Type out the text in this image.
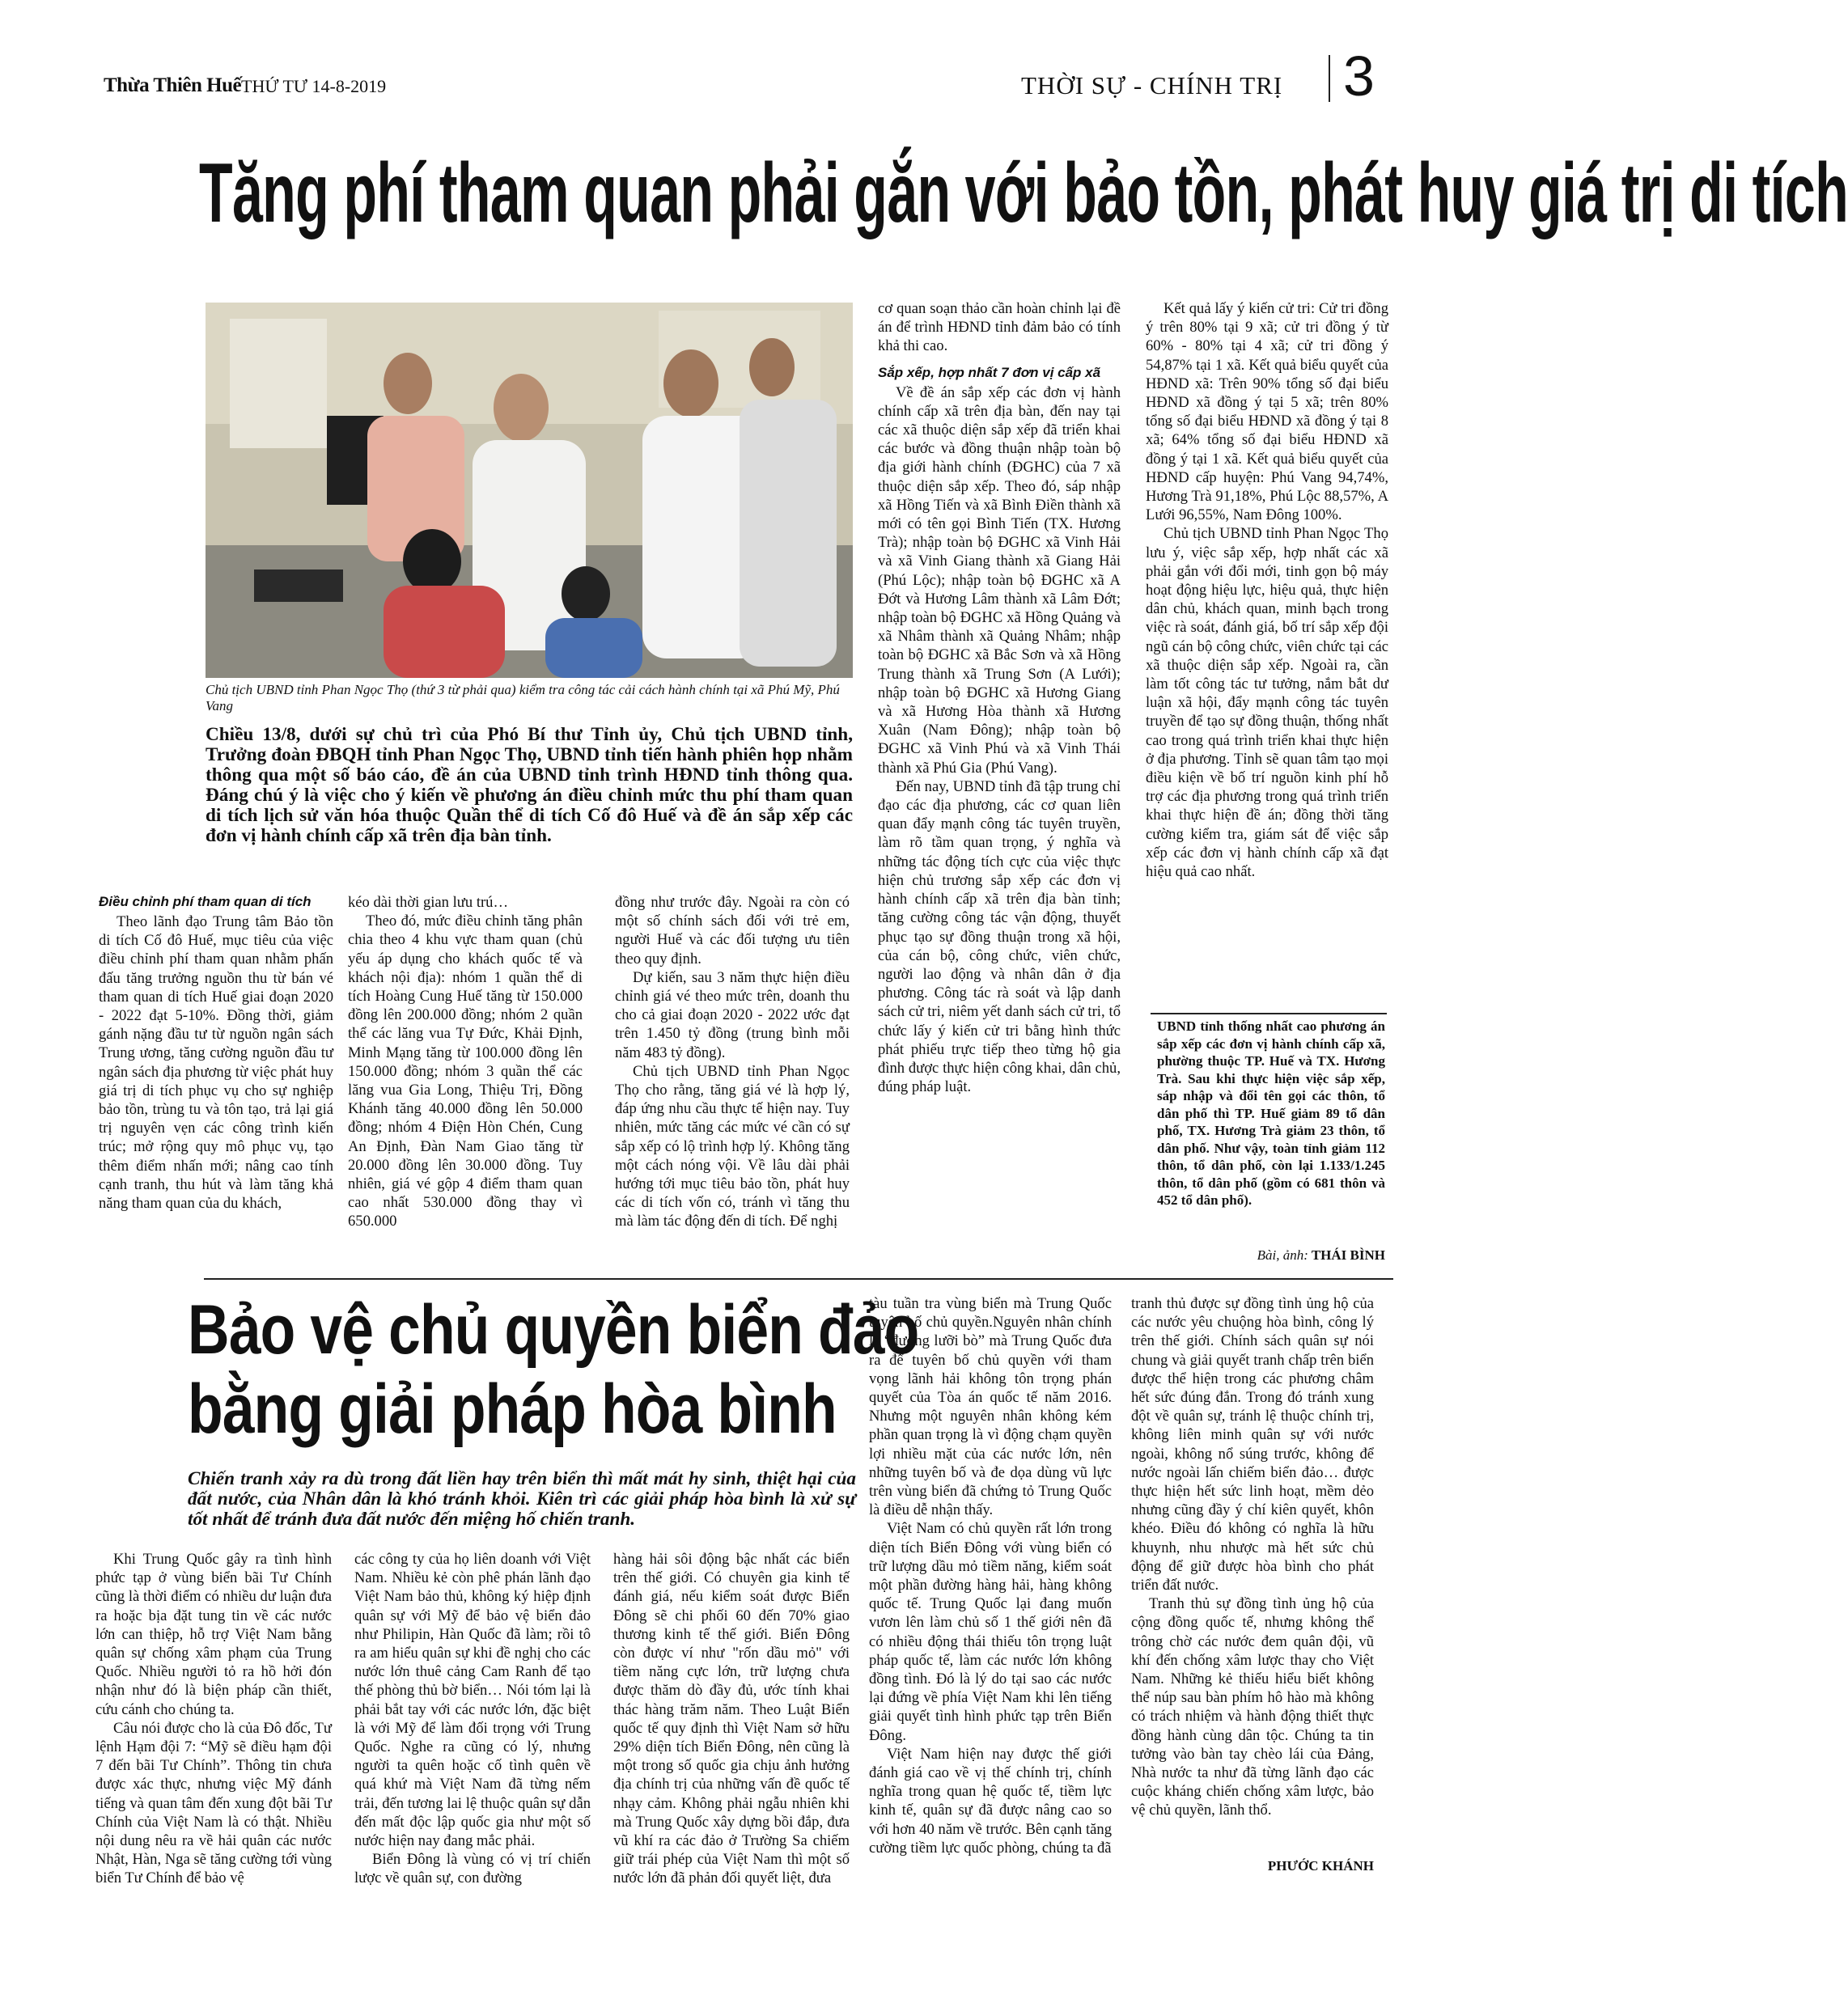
Thừa Thiên Huế THỨ TƯ 14-8-2019	THỜI SỰ - CHÍNH TRỊ 3
Tăng phí tham quan phải gắn với bảo tồn, phát huy giá trị di tích
Chủ tịch UBND tỉnh Phan Ngọc Thọ (thứ 3 từ phải qua) kiểm tra công tác cải cách hành chính tại xã Phú Mỹ, Phú Vang
Chiều 13/8, dưới sự chủ trì của Phó Bí thư Tỉnh ủy, Chủ tịch UBND tỉnh, Trưởng đoàn ĐBQH tỉnh Phan Ngọc Thọ, UBND tỉnh tiến hành phiên họp nhằm thông qua một số báo cáo, đề án của UBND tỉnh trình HĐND tỉnh thông qua. Đáng chú ý là việc cho ý kiến về phương án điều chỉnh mức thu phí tham quan di tích lịch sử văn hóa thuộc Quần thể di tích Cố đô Huế và đề án sắp xếp các đơn vị hành chính cấp xã trên địa bàn tỉnh.
Điều chỉnh phí tham quan di tích

Theo lãnh đạo Trung tâm Bảo tồn di tích Cố đô Huế, mục tiêu của việc điều chỉnh phí tham quan nhằm phấn đấu tăng trưởng nguồn thu từ bán vé tham quan di tích Huế giai đoạn 2020 - 2022 đạt 5-10%. Đồng thời, giảm gánh nặng đầu tư từ nguồn ngân sách Trung ương, tăng cường nguồn đầu tư ngân sách địa phương từ việc phát huy giá trị di tích phục vụ cho sự nghiệp bảo tồn, trùng tu và tôn tạo, trả lại giá trị nguyên vẹn các công trình kiến trúc; mở rộng quy mô phục vụ, tạo thêm điểm nhấn mới; nâng cao tính cạnh tranh, thu hút và làm tăng khả năng tham quan của du khách,

kéo dài thời gian lưu trú…

Theo đó, mức điều chỉnh tăng phân chia theo 4 khu vực tham quan (chủ yếu áp dụng cho khách quốc tế và khách nội địa): nhóm 1 quần thể di tích Hoàng Cung Huế tăng từ 150.000 đồng lên 200.000 đồng; nhóm 2 quần thể các lăng vua Tự Đức, Khải Định, Minh Mạng tăng từ 100.000 đồng lên 150.000 đồng; nhóm 3 quần thể các lăng vua Gia Long, Thiệu Trị, Đồng Khánh tăng 40.000 đồng lên 50.000 đồng; nhóm 4 Điện Hòn Chén, Cung An Định, Đàn Nam Giao tăng từ 20.000 đồng lên 30.000 đồng. Tuy nhiên, giá vé gộp 4 điểm tham quan cao nhất 530.000 đồng thay vì 650.000

đồng như trước đây. Ngoài ra còn có một số chính sách đối với trẻ em, người Huế và các đối tượng ưu tiên theo quy định.

Dự kiến, sau 3 năm thực hiện điều chỉnh giá vé theo mức trên, doanh thu cho cả giai đoạn 2020 - 2022 ước đạt trên 1.450 tỷ đồng (trung bình mỗi năm 483 tỷ đồng).

Chủ tịch UBND tỉnh Phan Ngọc Thọ cho rằng, tăng giá vé là hợp lý, đáp ứng nhu cầu thực tế hiện nay. Tuy nhiên, mức tăng các mức vé cần có sự sắp xếp có lộ trình hợp lý. Không tăng một cách nóng vội. Về lâu dài phải hướng tới mục tiêu bảo tồn, phát huy các di tích vốn có, tránh vì tăng thu mà làm tác động đến di tích. Để nghị

cơ quan soạn thảo cần hoàn chỉnh lại đề án để trình HĐND tỉnh đảm bảo có tính khả thi cao.

Sắp xếp, hợp nhất 7 đơn vị cấp xã

Về đề án sắp xếp các đơn vị hành chính cấp xã trên địa bàn, đến nay tại các xã thuộc diện sắp xếp đã triển khai các bước và đồng thuận nhập toàn bộ địa giới hành chính (ĐGHC) của 7 xã thuộc diện sắp xếp. Theo đó, sáp nhập xã Hồng Tiến và xã Bình Điền thành xã mới có tên gọi Bình Tiến (TX. Hương Trà); nhập toàn bộ ĐGHC xã Vinh Hải và xã Vinh Giang thành xã Giang Hải (Phú Lộc); nhập toàn bộ ĐGHC xã A Đớt và Hương Lâm thành xã Lâm Đớt; nhập toàn bộ ĐGHC xã Hồng Quảng và xã Nhâm thành xã Quảng Nhâm; nhập toàn bộ ĐGHC xã Bắc Sơn và xã Hồng Trung thành xã Trung Sơn (A Lưới); nhập toàn bộ ĐGHC xã Hương Giang và xã Hương Hòa thành xã Hương Xuân (Nam Đông); nhập toàn bộ ĐGHC xã Vinh Phú và xã Vinh Thái thành xã Phú Gia (Phú Vang).

Đến nay, UBND tỉnh đã tập trung chỉ đạo các địa phương, các cơ quan liên quan đẩy mạnh công tác tuyên truyền, làm rõ tầm quan trọng, ý nghĩa và những tác động tích cực của việc thực hiện chủ trương sắp xếp các đơn vị hành chính cấp xã trên địa bàn tỉnh; tăng cường công tác vận động, thuyết phục tạo sự đồng thuận trong xã hội, của cán bộ, công chức, viên chức, người lao động và nhân dân ở địa phương. Công tác rà soát và lập danh sách cử tri, niêm yết danh sách cử tri, tổ chức lấy ý kiến cử tri bằng hình thức phát phiếu trực tiếp theo từng hộ gia đình được thực hiện công khai, dân chủ, đúng pháp luật.

Kết quả lấy ý kiến cử tri: Cử tri đồng ý trên 80% tại 9 xã; cử tri đồng ý từ 60% - 80% tại 4 xã; cử tri đồng ý 54,87% tại 1 xã. Kết quả biểu quyết của HĐND xã: Trên 90% tổng số đại biểu HĐND xã đồng ý tại 5 xã; trên 80% tổng số đại biểu HĐND xã đồng ý tại 8 xã; 64% tổng số đại biểu HĐND xã đồng ý tại 1 xã. Kết quả biểu quyết của HĐND cấp huyện: Phú Vang 94,74%, Hương Trà 91,18%, Phú Lộc 88,57%, A Lưới 96,55%, Nam Đông 100%.

Chủ tịch UBND tỉnh Phan Ngọc Thọ lưu ý, việc sắp xếp, hợp nhất các xã phải gắn với đổi mới, tinh gọn bộ máy hoạt động hiệu lực, hiệu quả, thực hiện dân chủ, khách quan, minh bạch trong việc rà soát, đánh giá, bố trí sắp xếp đội ngũ cán bộ công chức, viên chức tại các xã thuộc diện sắp xếp. Ngoài ra, cần làm tốt công tác tư tưởng, nắm bắt dư luận xã hội, đẩy mạnh công tác tuyên truyền để tạo sự đồng thuận, thống nhất cao trong quá trình triển khai thực hiện ở địa phương. Tỉnh sẽ quan tâm tạo mọi điều kiện về bố trí nguồn kinh phí hỗ trợ các địa phương trong quá trình triển khai thực hiện đề án; đồng thời tăng cường kiểm tra, giám sát để việc sắp xếp các đơn vị hành chính cấp xã đạt hiệu quả cao nhất.

UBND tỉnh thống nhất cao phương án sắp xếp các đơn vị hành chính cấp xã, phường thuộc TP. Huế và TX. Hương Trà. Sau khi thực hiện việc sắp xếp, sáp nhập và đổi tên gọi các thôn, tổ dân phố thì TP. Huế giảm 89 tổ dân phố, TX. Hương Trà giảm 23 thôn, tổ dân phố. Như vậy, toàn tỉnh giảm 112 thôn, tổ dân phố, còn lại 1.133/1.245 thôn, tổ dân phố (gồm có 681 thôn và 452 tổ dân phố).
Bài, ảnh: THÁI BÌNH
Bảo vệ chủ quyền biển đảo
bằng giải pháp hòa bình
Chiến tranh xảy ra dù trong đất liền hay trên biển thì mất mát hy sinh, thiệt hại của đất nước, của Nhân dân là khó tránh khỏi. Kiên trì các giải pháp hòa bình là xử sự tốt nhất để tránh đưa đất nước đến miệng hố chiến tranh.

Khi Trung Quốc gây ra tình hình phức tạp ở vùng biển bãi Tư Chính cũng là thời điểm có nhiều dư luận đưa ra hoặc bịa đặt tung tin về các nước lớn can thiệp, hỗ trợ Việt Nam bằng quân sự chống xâm phạm của Trung Quốc. Nhiều người tỏ ra hồ hởi đón nhận như đó là biện pháp cần thiết, cứu cánh cho chúng ta.

Câu nói được cho là của Đô đốc, Tư lệnh Hạm đội 7: “Mỹ sẽ điều hạm đội 7 đến bãi Tư Chính”. Thông tin chưa được xác thực, nhưng việc Mỹ đánh tiếng và quan tâm đến xung đột bãi Tư Chính của Việt Nam là có thật. Nhiều nội dung nêu ra về hải quân các nước Nhật, Hàn, Nga sẽ tăng cường tới vùng biển Tư Chính để bảo vệ

các công ty của họ liên doanh với Việt Nam. Nhiều kẻ còn phê phán lãnh đạo Việt Nam bảo thủ, không ký hiệp định quân sự với Mỹ để bảo vệ biển đảo như Philipin, Hàn Quốc đã làm; rồi tô ra am hiểu quân sự khi đề nghị cho các nước lớn thuê cảng Cam Ranh để tạo thế phòng thủ bờ biển… Nói tóm lại là phải bắt tay với các nước lớn, đặc biệt là với Mỹ để làm đối trọng với Trung Quốc. Nghe ra cũng có lý, nhưng người ta quên hoặc cố tình quên về quá khứ mà Việt Nam đã từng nếm trải, đến tương lai lệ thuộc quân sự dẫn đến mất độc lập quốc gia như một số nước hiện nay đang mắc phải.

Biển Đông là vùng có vị trí chiến lược về quân sự, con đường

hàng hải sôi động bậc nhất các biển trên thế giới. Có chuyên gia kinh tế đánh giá, nếu kiểm soát được Biển Đông sẽ chi phối 60 đến 70% giao thương kinh tế thế giới. Biển Đông còn được ví như "rốn dầu mỏ" với tiềm năng cực lớn, trữ lượng chưa được thăm dò đầy đủ, ước tính khai thác hàng trăm năm. Theo Luật Biển quốc tế quy định thì Việt Nam sở hữu 29% diện tích Biển Đông, nên cũng là một trong số quốc gia chịu ảnh hưởng địa chính trị của những vấn đề quốc tế nhạy cảm. Không phải ngẫu nhiên khi mà Trung Quốc xây dựng bồi đắp, đưa vũ khí ra các đảo ở Trường Sa chiếm giữ trái phép của Việt Nam thì một số nước lớn đã phản đối quyết liệt, đưa

tàu tuần tra vùng biển mà Trung Quốc tuyên bố chủ quyền.Nguyên nhân chính là “đường lưỡi bò” mà Trung Quốc đưa ra để tuyên bố chủ quyền với tham vọng lãnh hải không tôn trọng phán quyết của Tòa án quốc tế năm 2016. Nhưng một nguyên nhân không kém phần quan trọng là vì động chạm quyền lợi nhiều mặt của các nước lớn, nên những tuyên bố và đe dọa dùng vũ lực trên vùng biển đã chứng tỏ Trung Quốc là điều dễ nhận thấy.

Việt Nam có chủ quyền rất lớn trong diện tích Biển Đông với vùng biển có trữ lượng dầu mỏ tiềm năng, kiểm soát một phần đường hàng hải, hàng không quốc tế. Trung Quốc lại đang muốn vươn lên làm chủ số 1 thế giới nên đã có nhiều động thái thiếu tôn trọng luật pháp quốc tế, làm các nước lớn không đồng tình. Đó là lý do tại sao các nước lại đứng về phía Việt Nam khi lên tiếng giải quyết tình hình phức tạp trên Biển Đông.

Việt Nam hiện nay được thế giới đánh giá cao về vị thế chính trị, chính nghĩa trong quan hệ quốc tế, tiềm lực kinh tế, quân sự đã được nâng cao so với hơn 40 năm về trước. Bên cạnh tăng cường tiềm lực quốc phòng, chúng ta đã

tranh thủ được sự đồng tình ủng hộ của các nước yêu chuộng hòa bình, công lý trên thế giới. Chính sách quân sự nói chung và giải quyết tranh chấp trên biển được thể hiện trong các phương châm hết sức đúng đắn. Trong đó tránh xung đột về quân sự, tránh lệ thuộc chính trị, không liên minh quân sự với nước ngoài, không nổ súng trước, không để nước ngoài lấn chiếm biển đảo… được thực hiện hết sức linh hoạt, mềm dẻo nhưng cũng đầy ý chí kiên quyết, khôn khéo. Điều đó không có nghĩa là hữu khuynh, nhu nhược mà hết sức chủ động để giữ được hòa bình cho phát triển đất nước.

Tranh thủ sự đồng tình ủng hộ của cộng đồng quốc tế, nhưng không thể trông chờ các nước đem quân đội, vũ khí đến chống xâm lược thay cho Việt Nam. Những kẻ thiếu hiểu biết không thể núp sau bàn phím hô hào mà không có trách nhiệm và hành động thiết thực đồng hành cùng dân tộc. Chúng ta tin tưởng vào bàn tay chèo lái của Đảng, Nhà nước ta như đã từng lãnh đạo các cuộc kháng chiến chống xâm lược, bảo vệ chủ quyền, lãnh thổ.

PHƯỚC KHÁNH
